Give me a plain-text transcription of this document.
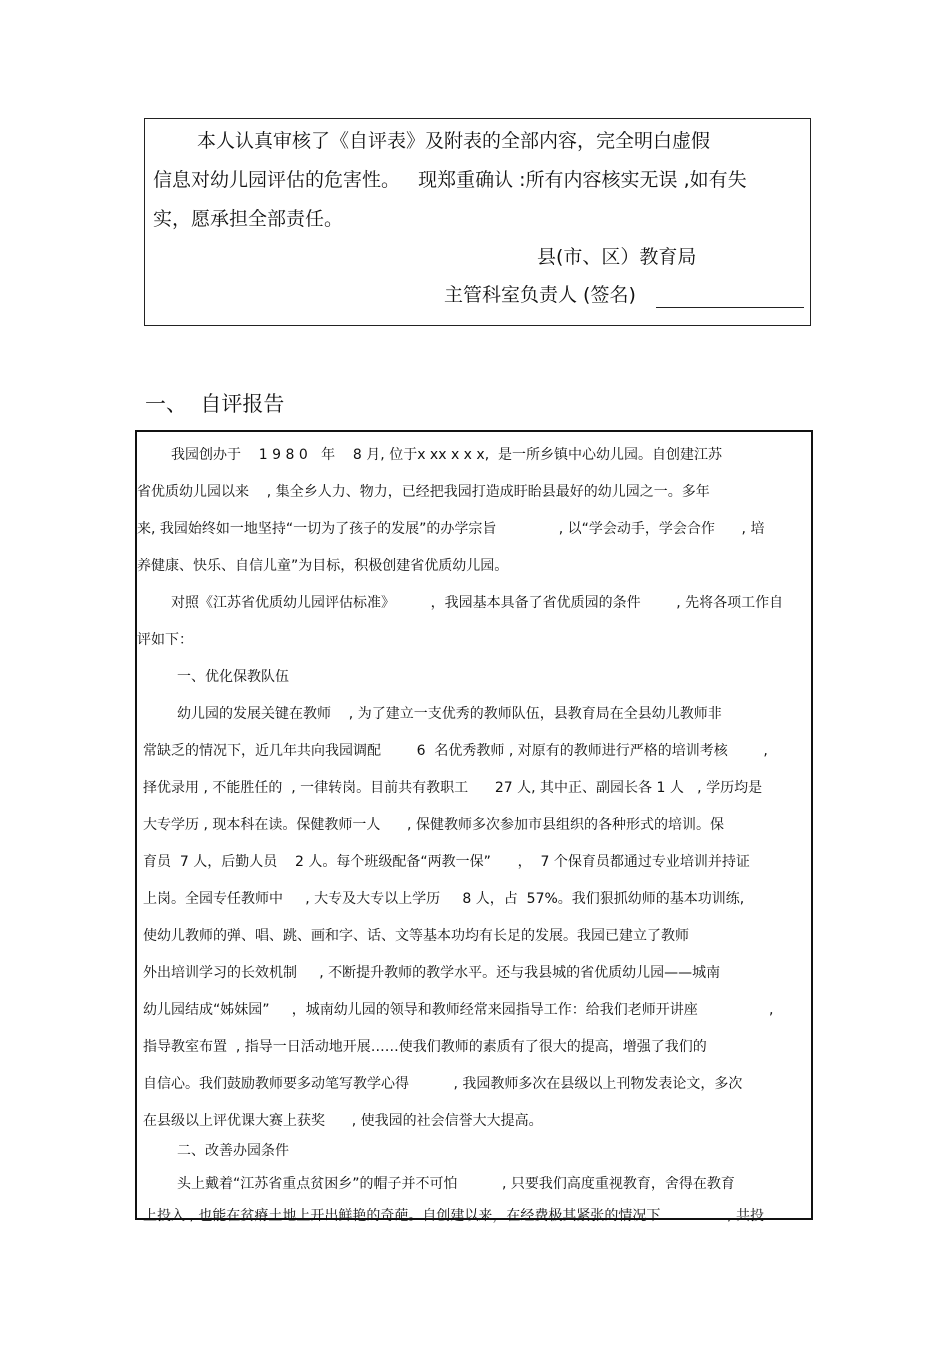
本人认真审核了《自评表》及附表的全部内容，完全明白虚假
信息对幼儿园评估的危害性。   现郑重确认 :所有内容核实无误 ,如有失
实，愿承担全部责任。
县(市、区）教育局
主管科室负责人 (签名)
一、  自评报告
我园创办于    1 9 8 0   年    8 月, 位于x xx x x x,  是一所乡镇中心幼儿园。自创建江苏
省优质幼儿园以来    , 集全乡人力、物力，已经把我园打造成盱眙县最好的幼儿园之一。多年
来, 我园始终如一地坚持“一切为了孩子的发展”的办学宗旨              , 以“学会动手，学会合作      , 培
养健康、快乐、自信儿童”为目标，积极创建省优质幼儿园。
对照《江苏省优质幼儿园评估标准》        ，我园基本具备了省优质园的条件        , 先将各项工作自
评如下：
一、优化保教队伍
幼儿园的发展关键在教师    , 为了建立一支优秀的教师队伍，县教育局在全县幼儿教师非
常缺乏的情况下，近几年共向我园调配        6  名优秀教师 , 对原有的教师进行严格的培训考核        ,
择优录用 , 不能胜任的  , 一律转岗。目前共有教职工      27 人, 其中正、副园长各 1 人   , 学历均是
大专学历 , 现本科在读。保健教师一人      , 保健教师多次参加市县组织的各种形式的培训。保
育员  7 人，后勤人员    2 人。每个班级配备“两教一保”      ，  7 个保育员都通过专业培训并持证
上岗。全园专任教师中     , 大专及大专以上学历     8 人，占  57%。我们狠抓幼师的基本功训练,
使幼儿教师的弹、唱、跳、画和字、话、文等基本功均有长足的发展。我园已建立了教师
外出培训学习的长效机制     , 不断提升教师的教学水平。还与我县城的省优质幼儿园——城南
幼儿园结成“姊妹园”     ，城南幼儿园的领导和教师经常来园指导工作：给我们老师开讲座                ,
指导教室布置  , 指导一日活动地开展……使我们教师的素质有了很大的提高，增强了我们的
自信心。我们鼓励教师要多动笔写教学心得          , 我园教师多次在县级以上刊物发表论文，多次
在县级以上评优课大赛上获奖      , 使我园的社会信誉大大提高。
二、改善办园条件
头上戴着“江苏省重点贫困乡”的帽子并不可怕          , 只要我们高度重视教育，舍得在教育
上投入 , 也能在贫瘠土地上开出鲜艳的奇葩。自创建以来，在经费极其紧张的情况下               , 共投
